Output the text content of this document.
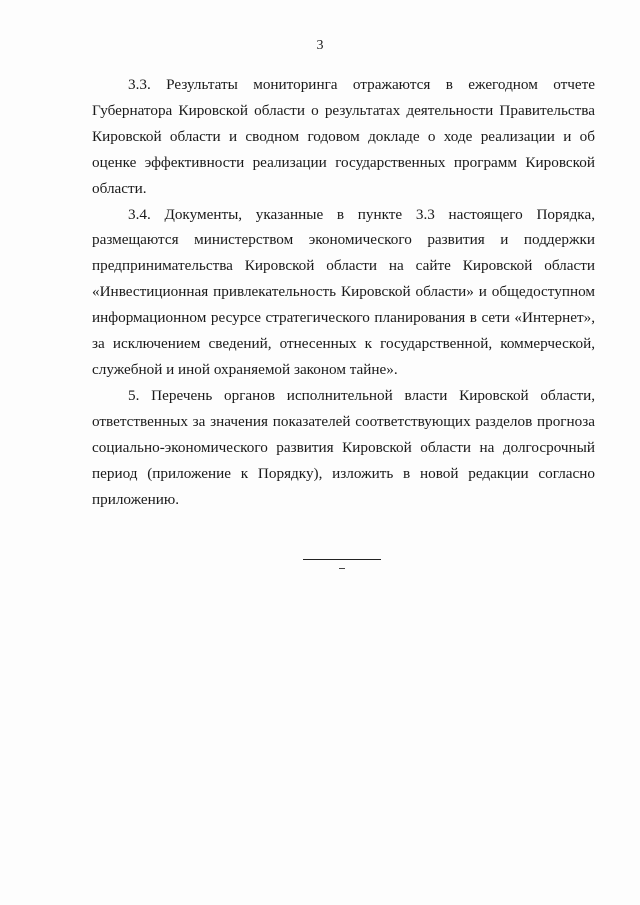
3

3.3. Результаты мониторинга отражаются в ежегодном отчете Губернатора Кировской области о результатах деятельности Правительства Кировской области и сводном годовом докладе о ходе реализации и об оценке эффективности реализации государственных программ Кировской области.

3.4. Документы, указанные в пункте 3.3 настоящего Порядка, размещаются министерством экономического развития и поддержки предпринимательства Кировской области на сайте Кировской области «Инвестиционная привлекательность Кировской области» и общедоступном информационном ресурсе стратегического планирования в сети «Интернет», за исключением сведений, отнесенных к государственной, коммерческой, служебной и иной охраняемой законом тайне».

5. Перечень органов исполнительной власти Кировской области, ответственных за значения показателей соответствующих разделов прогноза социально-экономического развития Кировской области на долгосрочный период (приложение к Порядку), изложить в новой редакции согласно приложению.
